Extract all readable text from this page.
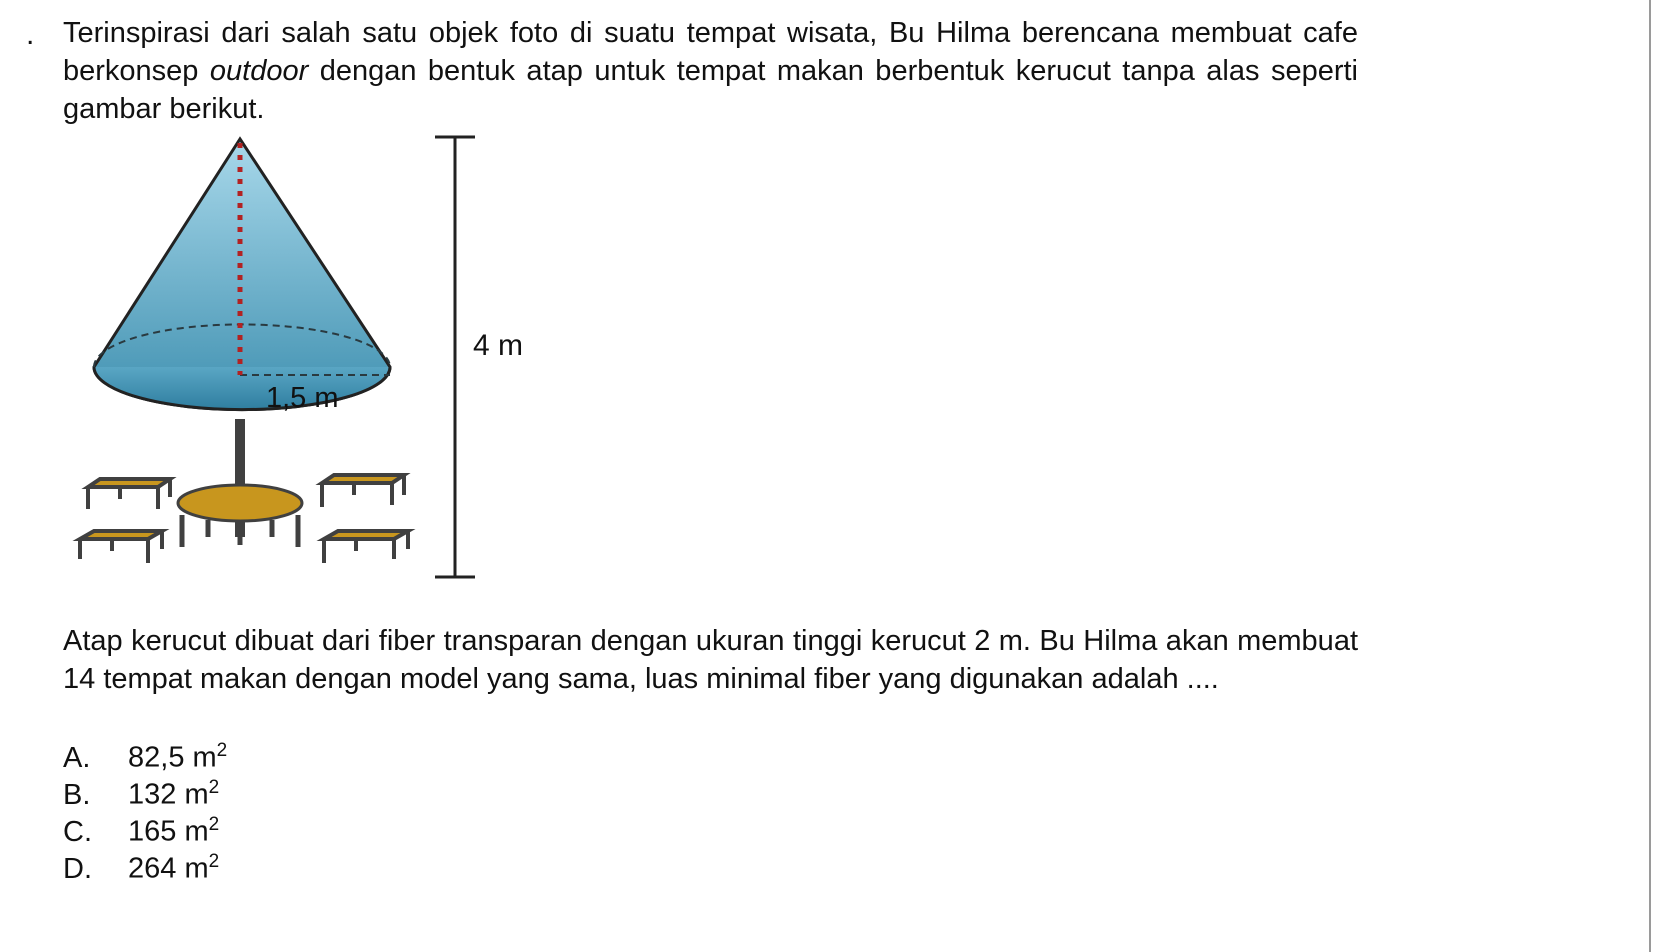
. Terinspirasi dari salah satu objek foto di suatu tempat wisata, Bu Hilma berencana membuat cafe berkonsep outdoor dengan bentuk atap untuk tempat makan berbentuk kerucut tanpa alas seperti gambar berikut.

1,5 m
4 m

Atap kerucut dibuat dari fiber transparan dengan ukuran tinggi kerucut 2 m. Bu Hilma akan membuat 14 tempat makan dengan model yang sama, luas minimal fiber yang digunakan adalah ....

A.	82,5 $m^2$
B.	132 $m^2$
C.	165 $m^2$
D.	264 $m^2$
